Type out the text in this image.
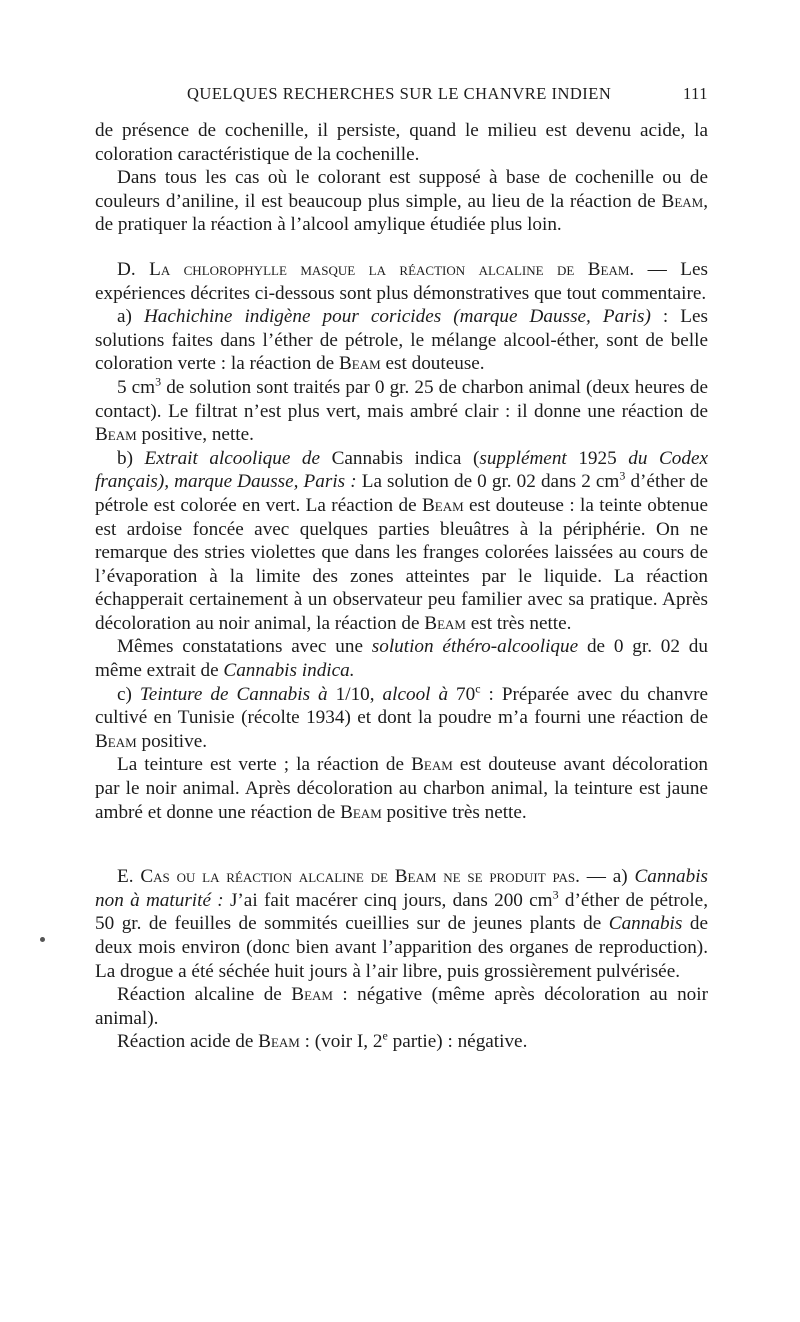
QUELQUES RECHERCHES SUR LE CHANVRE INDIEN	111

de présence de cochenille, il persiste, quand le milieu est devenu acide, la coloration caractéristique de la cochenille.

Dans tous les cas où le colorant est supposé à base de cochenille ou de couleurs d’aniline, il est beaucoup plus simple, au lieu de la réaction de Beam, de pratiquer la réaction à l’alcool amylique étudiée plus loin.

D. La chlorophylle masque la réaction alcaline de Beam. — Les expériences décrites ci-dessous sont plus démonstratives que tout commentaire.

a) Hachichine indigène pour coricides (marque Dausse, Paris) : Les solutions faites dans l’éther de pétrole, le mélange alcool-éther, sont de belle coloration verte : la réaction de Beam est douteuse.

5 $cm^3$ de solution sont traités par 0 gr. 25 de charbon animal (deux heures de contact). Le filtrat n’est plus vert, mais ambré clair : il donne une réaction de Beam positive, nette.

b) Extrait alcoolique de Cannabis indica (supplément 1925 du Codex français), marque Dausse, Paris : La solution de 0 gr. 02 dans 2 $cm^3$ d’éther de pétrole est colorée en vert. La réaction de Beam est douteuse : la teinte obtenue est ardoise foncée avec quelques parties bleuâtres à la périphérie. On ne remarque des stries violettes que dans les franges colorées laissées au cours de l’évaporation à la limite des zones atteintes par le liquide. La réaction échapperait certainement à un observateur peu familier avec sa pratique. Après décoloration au noir animal, la réaction de Beam est très nette.

Mêmes constatations avec une solution éthéro-alcoolique de 0 gr. 02 du même extrait de Cannabis indica.

c) Teinture de Cannabis à 1/10, alcool à 70$^c$ : Préparée avec du chanvre cultivé en Tunisie (récolte 1934) et dont la poudre m’a fourni une réaction de Beam positive.

La teinture est verte ; la réaction de Beam est douteuse avant décoloration par le noir animal. Après décoloration au charbon animal, la teinture est jaune ambré et donne une réaction de Beam positive très nette.

E. Cas ou la réaction alcaline de Beam ne se produit pas. — a) Cannabis non à maturité : J’ai fait macérer cinq jours, dans 200 $cm^3$ d’éther de pétrole, 50 gr. de feuilles de sommités cueillies sur de jeunes plants de Cannabis de deux mois environ (donc bien avant l’apparition des organes de reproduction). La drogue a été séchée huit jours à l’air libre, puis grossièrement pulvérisée.

Réaction alcaline de Beam : négative (même après décoloration au noir animal).

Réaction acide de Beam : (voir I, 2e partie) : négative.
